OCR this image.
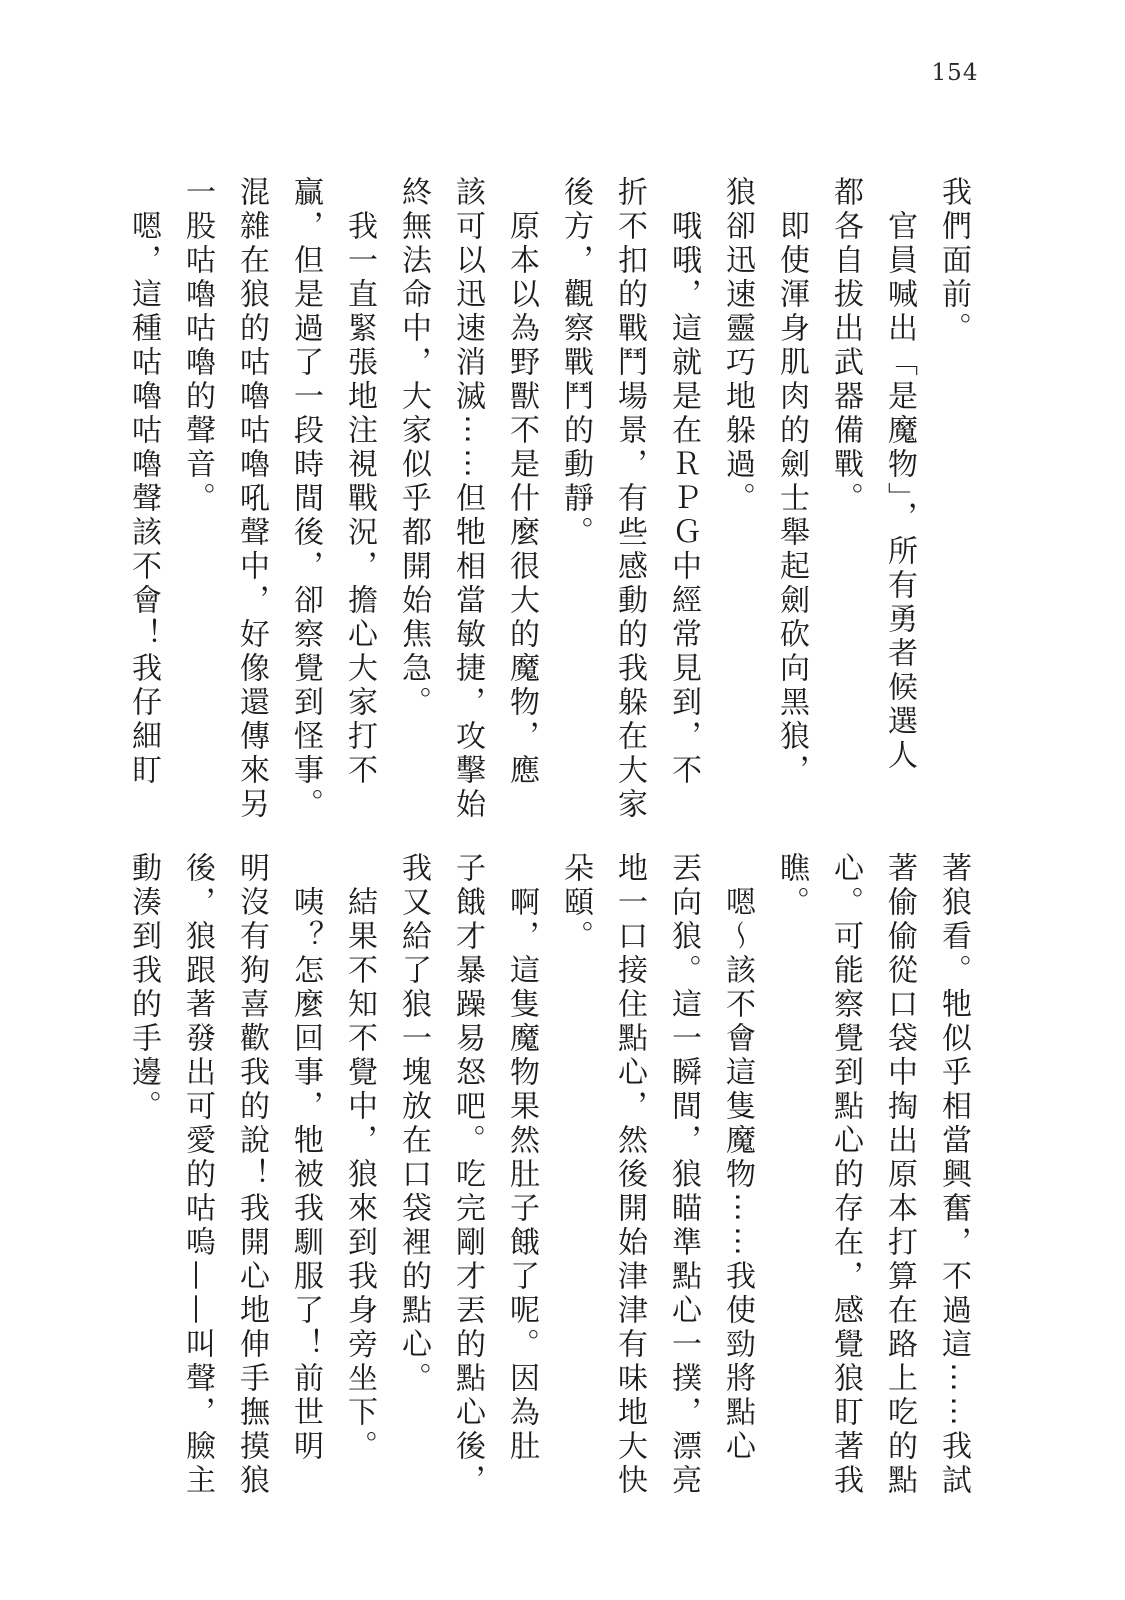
154
我們面前。
　官員喊出「是魔物」，所有勇者候選人
都各自拔出武器備戰。
　即使渾身肌肉的劍士舉起劍砍向黑狼，
狼卻迅速靈巧地躲過。
　哦哦，這就是在ＲＰＧ中經常見到，不
折不扣的戰鬥場景，有些感動的我躲在大家
後方，觀察戰鬥的動靜。
　原本以為野獸不是什麼很大的魔物，應
該可以迅速消滅⋯⋯但牠相當敏捷，攻擊始
終無法命中，大家似乎都開始焦急。
　我一直緊張地注視戰況，擔心大家打不
贏，但是過了一段時間後，卻察覺到怪事。
混雜在狼的咕嚕咕嚕吼聲中，好像還傳來另
一股咕嚕咕嚕的聲音。
　嗯，這種咕嚕咕嚕聲該不會！我仔細盯
著狼看。牠似乎相當興奮，不過這⋯⋯我試
著偷偷從口袋中掏出原本打算在路上吃的點
心。可能察覺到點心的存在，感覺狼盯著我
瞧。
　嗯～該不會這隻魔物⋯⋯我使勁將點心
丟向狼。這一瞬間，狼瞄準點心一撲，漂亮
地一口接住點心，然後開始津津有味地大快
朵頤。
　啊，這隻魔物果然肚子餓了呢。因為肚
子餓才暴躁易怒吧。吃完剛才丟的點心後，
我又給了狼一塊放在口袋裡的點心。
　結果不知不覺中，狼來到我身旁坐下。
　咦？怎麼回事，牠被我馴服了！前世明
明沒有狗喜歡我的說！我開心地伸手撫摸狼
後，狼跟著發出可愛的咕嗚——叫聲，臉主
動湊到我的手邊。
